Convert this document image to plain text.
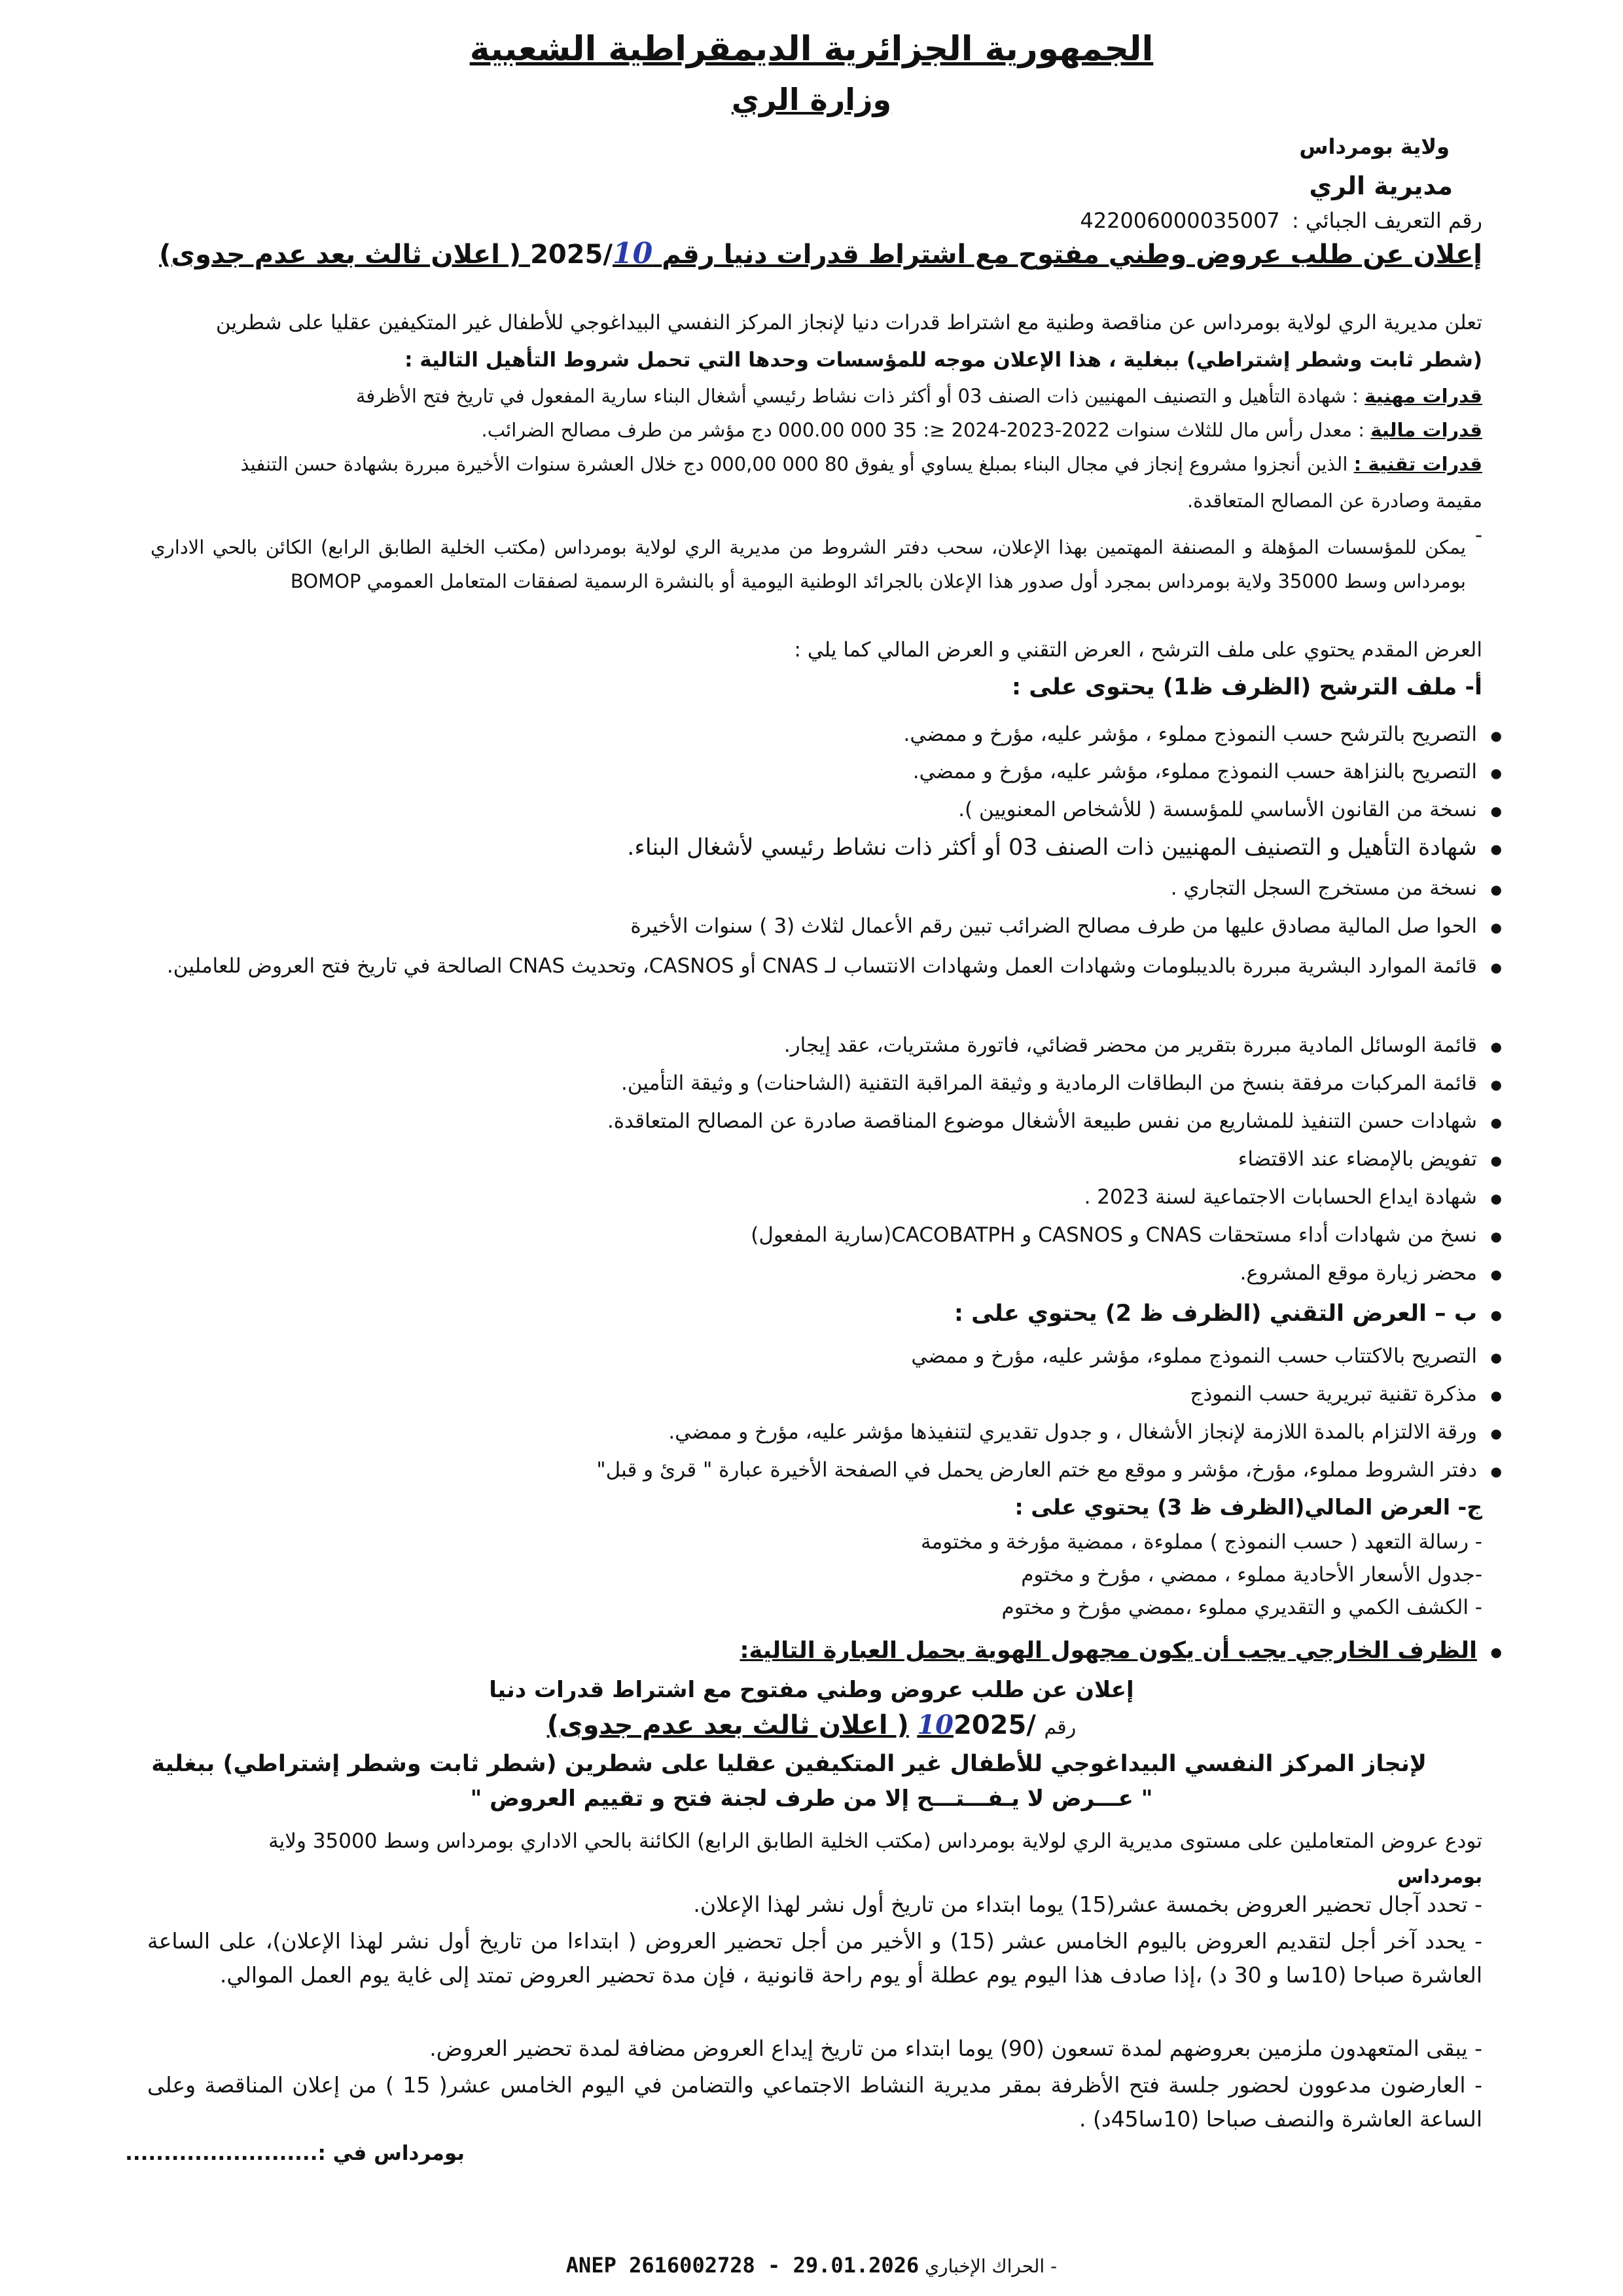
الجمهورية الجزائرية الديمقراطية الشعبية
وزارة الري
ولاية بومرداس
مديرية الري
رقم التعريف الجبائي : 422006000035007
إعلان عن طلب عروض وطني مفتوح مع اشتراط قدرات دنيا رقم 102025/ ( اعلان ثالث بعد عدم جدوى)
تعلن مديرية الري لولاية بومرداس عن مناقصة وطنية مع اشتراط قدرات دنيا لإنجاز المركز النفسي البيداغوجي للأطفال غير المتكيفين عقليا على شطرين
(شطر ثابت وشطر إشتراطي) ببغلية ، هذا الإعلان موجه للمؤسسات وحدها التي تحمل شروط التأهيل التالية :
قدرات مهنية : شهادة التأهيل و التصنيف المهنيين ذات الصنف 03 أو أكثر ذات نشاط رئيسي أشغال البناء سارية المفعول في تاريخ فتح الأظرفة
قدرات مالية : معدل رأس مال للثلاث سنوات 2022-2023-2024 ≤: 35 000 000.00 دج مؤشر من طرف مصالح الضرائب.
قدرات تقنية : الذين أنجزوا مشروع إنجاز في مجال البناء بمبلغ يساوي أو يفوق 80 000 000,00 دج خلال العشرة سنوات الأخيرة مبررة بشهادة حسن التنفيذ
مقيمة وصادرة عن المصالح المتعاقدة.
يمكن للمؤسسات المؤهلة و المصنفة المهتمين بهذا الإعلان، سحب دفتر الشروط من مديرية الري لولاية بومرداس (مكتب الخلية الطابق الرابع) الكائن بالحي الاداري بومرداس وسط 35000 ولاية بومرداس بمجرد أول صدور هذا الإعلان بالجرائد الوطنية اليومية أو بالنشرة الرسمية لصفقات المتعامل العمومي BOMOP
-
العرض المقدم يحتوي على ملف الترشح ، العرض التقني و العرض المالي كما يلي :
أ- ملف الترشح (الظرف ظ1) يحتوى على :
● التصريح بالترشح حسب النموذج مملوء ، مؤشر عليه، مؤرخ و ممضي.
● التصريح بالنزاهة حسب النموذج مملوء، مؤشر عليه، مؤرخ و ممضي.
● نسخة من القانون الأساسي للمؤسسة ( للأشخاص المعنويين ).
● شهادة التأهيل و التصنيف المهنيين ذات الصنف 03 أو أكثر ذات نشاط رئيسي لأشغال البناء.
● نسخة من مستخرج السجل التجاري .
● الحوا صل المالية مصادق عليها من طرف مصالح الضرائب تبين رقم الأعمال لثلاث (3 ) سنوات الأخيرة
● قائمة الموارد البشرية مبررة بالديبلومات وشهادات العمل وشهادات الانتساب لـ CNAS أو CASNOS، وتحديث CNAS الصالحة في تاريخ فتح العروض للعاملين.
● قائمة الوسائل المادية مبررة بتقرير من محضر قضائي، فاتورة مشتريات، عقد إيجار.
● قائمة المركبات مرفقة بنسخ من البطاقات الرمادية و وثيقة المراقبة التقنية (الشاحنات) و وثيقة التأمين.
● شهادات حسن التنفيذ للمشاريع من نفس طبيعة الأشغال موضوع المناقصة صادرة عن المصالح المتعاقدة.
● تفويض بالإمضاء عند الاقتضاء
● شهادة ايداع الحسابات الاجتماعية لسنة 2023 .
● نسخ من شهادات أداء مستحقات CNAS و CASNOS و CACOBATPH(سارية المفعول)
● محضر زيارة موقع المشروع.
● ب – العرض التقني (الظرف ظ 2) يحتوي على :
● التصريح بالاكتتاب حسب النموذج مملوء، مؤشر عليه، مؤرخ و ممضي
● مذكرة تقنية تبريرية حسب النموذج
● ورقة الالتزام بالمدة اللازمة لإنجاز الأشغال ، و جدول تقديري لتنفيذها مؤشر عليه، مؤرخ و ممضي.
● دفتر الشروط مملوء، مؤرخ، مؤشر و موقع مع ختم العارض يحمل في الصفحة الأخيرة عبارة " قرئ و قبل"
ج- العرض المالي(الظرف ظ 3) يحتوي على :
- رسالة التعهد ( حسب النموذج ) مملوءة ، ممضية مؤرخة و مختومة
-جدول الأسعار الأحادية مملوء ، ممضي ، مؤرخ و مختوم
- الكشف الكمي و التقديري مملوء ،ممضي مؤرخ و مختوم
● الظرف الخارجي يجب أن يكون مجهول الهوية يحمل العبارة التالية:
إعلان عن طلب عروض وطني مفتوح مع اشتراط قدرات دنيا
رقم 2025/10 ( اعلان ثالث بعد عدم جدوى)
لإنجاز المركز النفسي البيداغوجي للأطفال غير المتكيفين عقليا على شطرين (شطر ثابت وشطر إشتراطي) ببغلية
" عـــرض لا يـفـــتـــح إلا من طرف لجنة فتح و تقييم العروض "
تودع عروض المتعاملين على مستوى مديرية الري لولاية بومرداس (مكتب الخلية الطابق الرابع) الكائنة بالحي الاداري بومرداس وسط 35000 ولاية
بومرداس
- تحدد آجال تحضير العروض بخمسة عشر(15) يوما ابتداء من تاريخ أول نشر لهذا الإعلان.
- يحدد آخر أجل لتقديم العروض باليوم الخامس عشر (15) و الأخير من أجل تحضير العروض ( ابتداءا من تاريخ أول نشر لهذا الإعلان)، على الساعة العاشرة صباحا (10سا و 30 د) ،إذا صادف هذا اليوم يوم عطلة أو يوم راحة قانونية ، فإن مدة تحضير العروض تمتد إلى غاية يوم العمل الموالي.
- يبقى المتعهدون ملزمين بعروضهم لمدة تسعون (90) يوما ابتداء من تاريخ إيداع العروض مضافة لمدة تحضير العروض.
- العارضون مدعوون لحضور جلسة فتح الأظرفة بمقر مديرية النشاط الاجتماعي والتضامن في اليوم الخامس عشر( 15 ) من إعلان المناقصة وعلى الساعة العاشرة والنصف صباحا (10سا45د) .
بومرداس في :.........................
ANEP 2616002728 - 29.01.2026 - الحراك الإخباري
